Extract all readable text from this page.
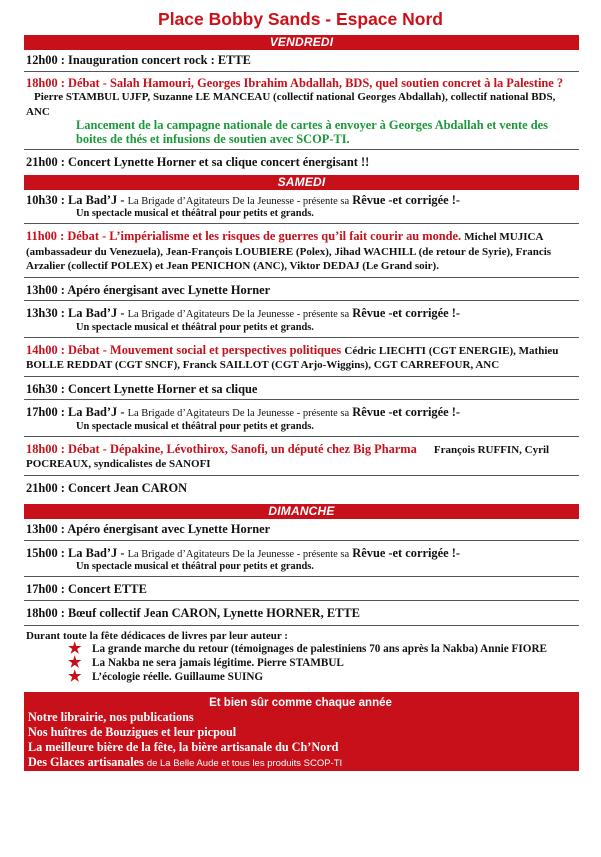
Place Bobby Sands - Espace Nord
VENDREDI
12h00 : Inauguration concert rock : ETTE
18h00 : Débat - Salah Hamouri, Georges Ibrahim Abdallah, BDS, quel soutien concret à la Palestine ? Pierre STAMBUL UJFP, Suzanne LE MANCEAU (collectif national Georges Abdallah), collectif national BDS, ANC
Lancement de la campagne nationale de cartes à envoyer à Georges Abdallah et vente des boites de thés et infusions de soutien avec SCOP-TI.
21h00 : Concert Lynette Horner et sa clique concert énergisant !!
SAMEDI
10h30 : La Bad’J - La Brigade d’Agitateurs De la Jeunesse - présente sa Rêvue -et corrigée !-
Un spectacle musical et théâtral pour petits et grands.
11h00 : Débat - L’impérialisme et les risques de guerres qu’il fait courir au monde. Michel MUJICA (ambassadeur du Venezuela), Jean-François LOUBIERE (Polex), Jihad WACHILL (de retour de Syrie), Francis Arzalier (collectif POLEX) et Jean PENICHON (ANC), Viktor DEDAJ (Le Grand soir).
13h00 : Apéro énergisant avec Lynette Horner
13h30 : La Bad’J - La Brigade d’Agitateurs De la Jeunesse - présente sa Rêvue -et corrigée !-
Un spectacle musical et théâtral pour petits et grands.
14h00 : Débat - Mouvement social et perspectives politiques Cédric LIECHTI (CGT ENERGIE), Mathieu BOLLE REDDAT (CGT SNCF), Franck SAILLOT (CGT Arjo-Wiggins), CGT CARREFOUR, ANC
16h30 : Concert Lynette Horner et sa clique
17h00 : La Bad’J - La Brigade d’Agitateurs De la Jeunesse - présente sa Rêvue -et corrigée !-
Un spectacle musical et théâtral pour petits et grands.
18h00 : Débat - Dépakine, Lévothirox, Sanofi, un député chez Big Pharma François RUFFIN, Cyril POCREAUX, syndicalistes de SANOFI
21h00 : Concert Jean CARON
DIMANCHE
13h00 : Apéro énergisant avec Lynette Horner
15h00 : La Bad’J - La Brigade d’Agitateurs De la Jeunesse - présente sa Rêvue -et corrigée !-
Un spectacle musical et théâtral pour petits et grands.
17h00 : Concert ETTE
18h00 : Bœuf collectif Jean CARON, Lynette HORNER, ETTE
Durant toute la fête dédicaces de livres par leur auteur :
★ La grande marche du retour (témoignages de palestiniens 70 ans après la Nakba) Annie FIORE
★ La Nakba ne sera jamais légitime. Pierre STAMBUL
★ L’écologie réelle. Guillaume SUING
Et bien sûr comme chaque année
Notre librairie, nos publications
Nos huîtres de Bouzigues et leur picpoul
La meilleure bière de la fête, la bière artisanale du Ch’Nord
Des Glaces artisanales de La Belle Aude et tous les produits SCOP-TI
